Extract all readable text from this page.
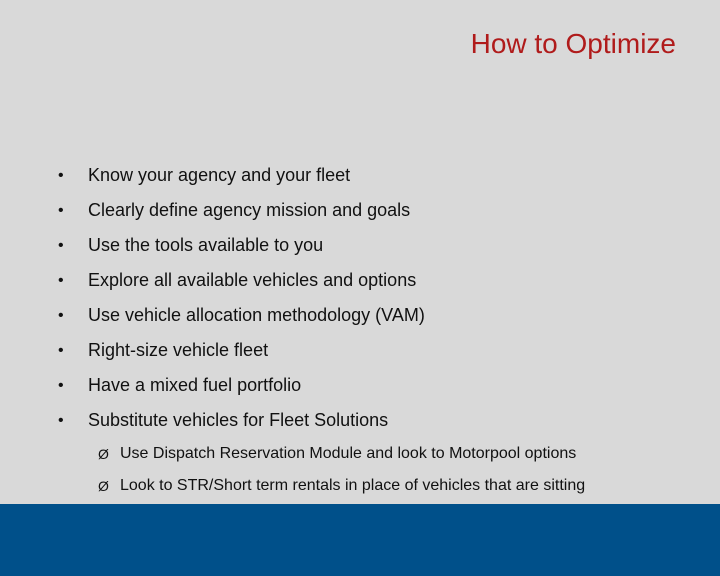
How to Optimize
•	Know your agency and your fleet
•	Clearly define agency mission and goals
•	Use the tools available to you
•	Explore all available vehicles and options
•	Use vehicle allocation methodology (VAM)
•	Right-size vehicle fleet
•	Have a mixed fuel portfolio
•	Substitute vehicles for Fleet Solutions
Ø Use Dispatch Reservation Module and look to Motorpool options
Ø Look to STR/Short term rentals in place of vehicles that are sitting
